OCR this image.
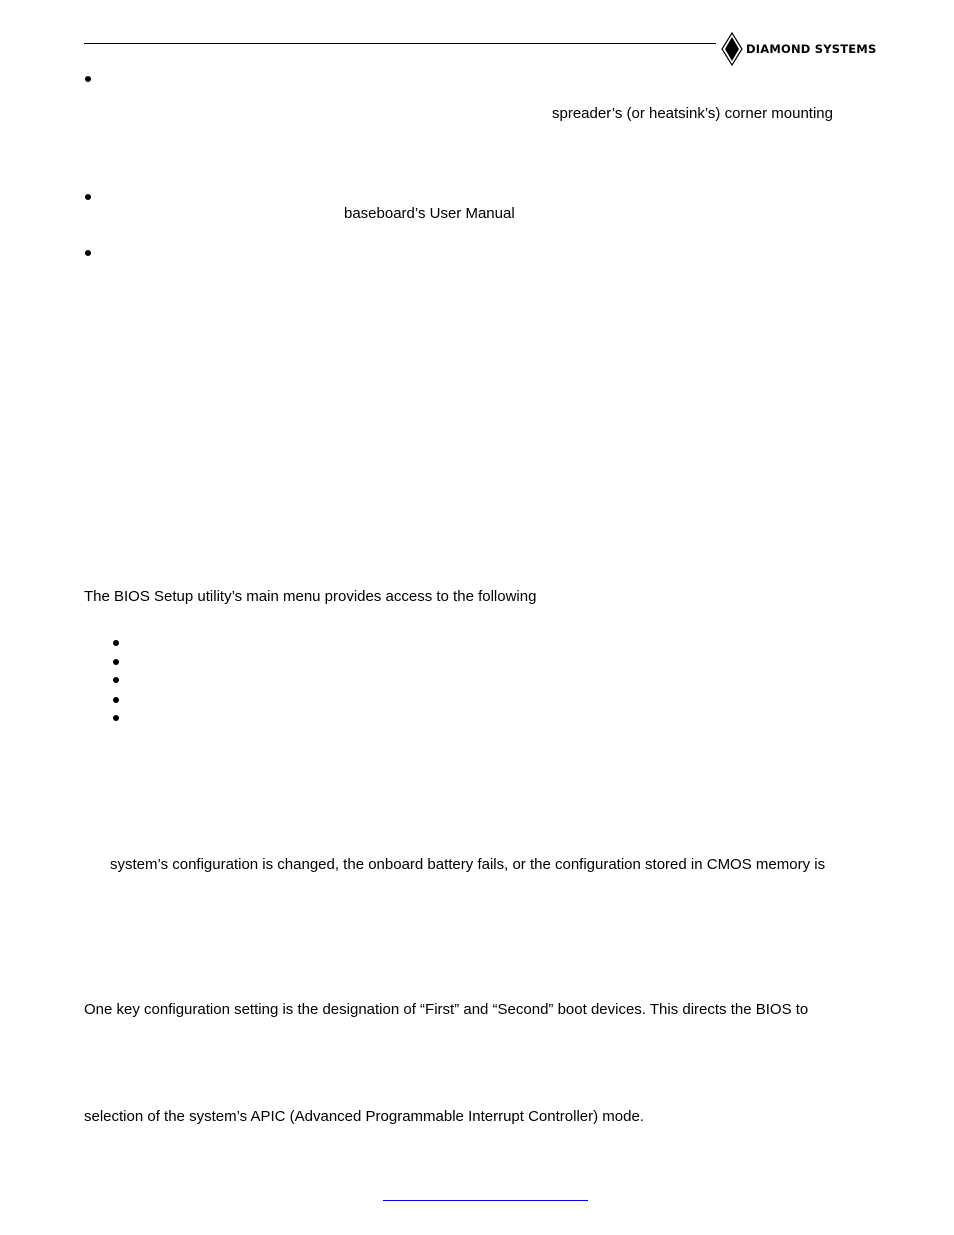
DIAMOND SYSTEMS
spreader’s (or heatsink’s) corner mounting
baseboard’s User Manual
The BIOS Setup utility’s main menu provides access to the following
system’s configuration is changed, the onboard battery fails, or the configuration stored in CMOS memory is
One key configuration setting is the designation of “First” and “Second” boot devices. This directs the BIOS to
selection of the system’s APIC (Advanced Programmable Interrupt Controller) mode.
